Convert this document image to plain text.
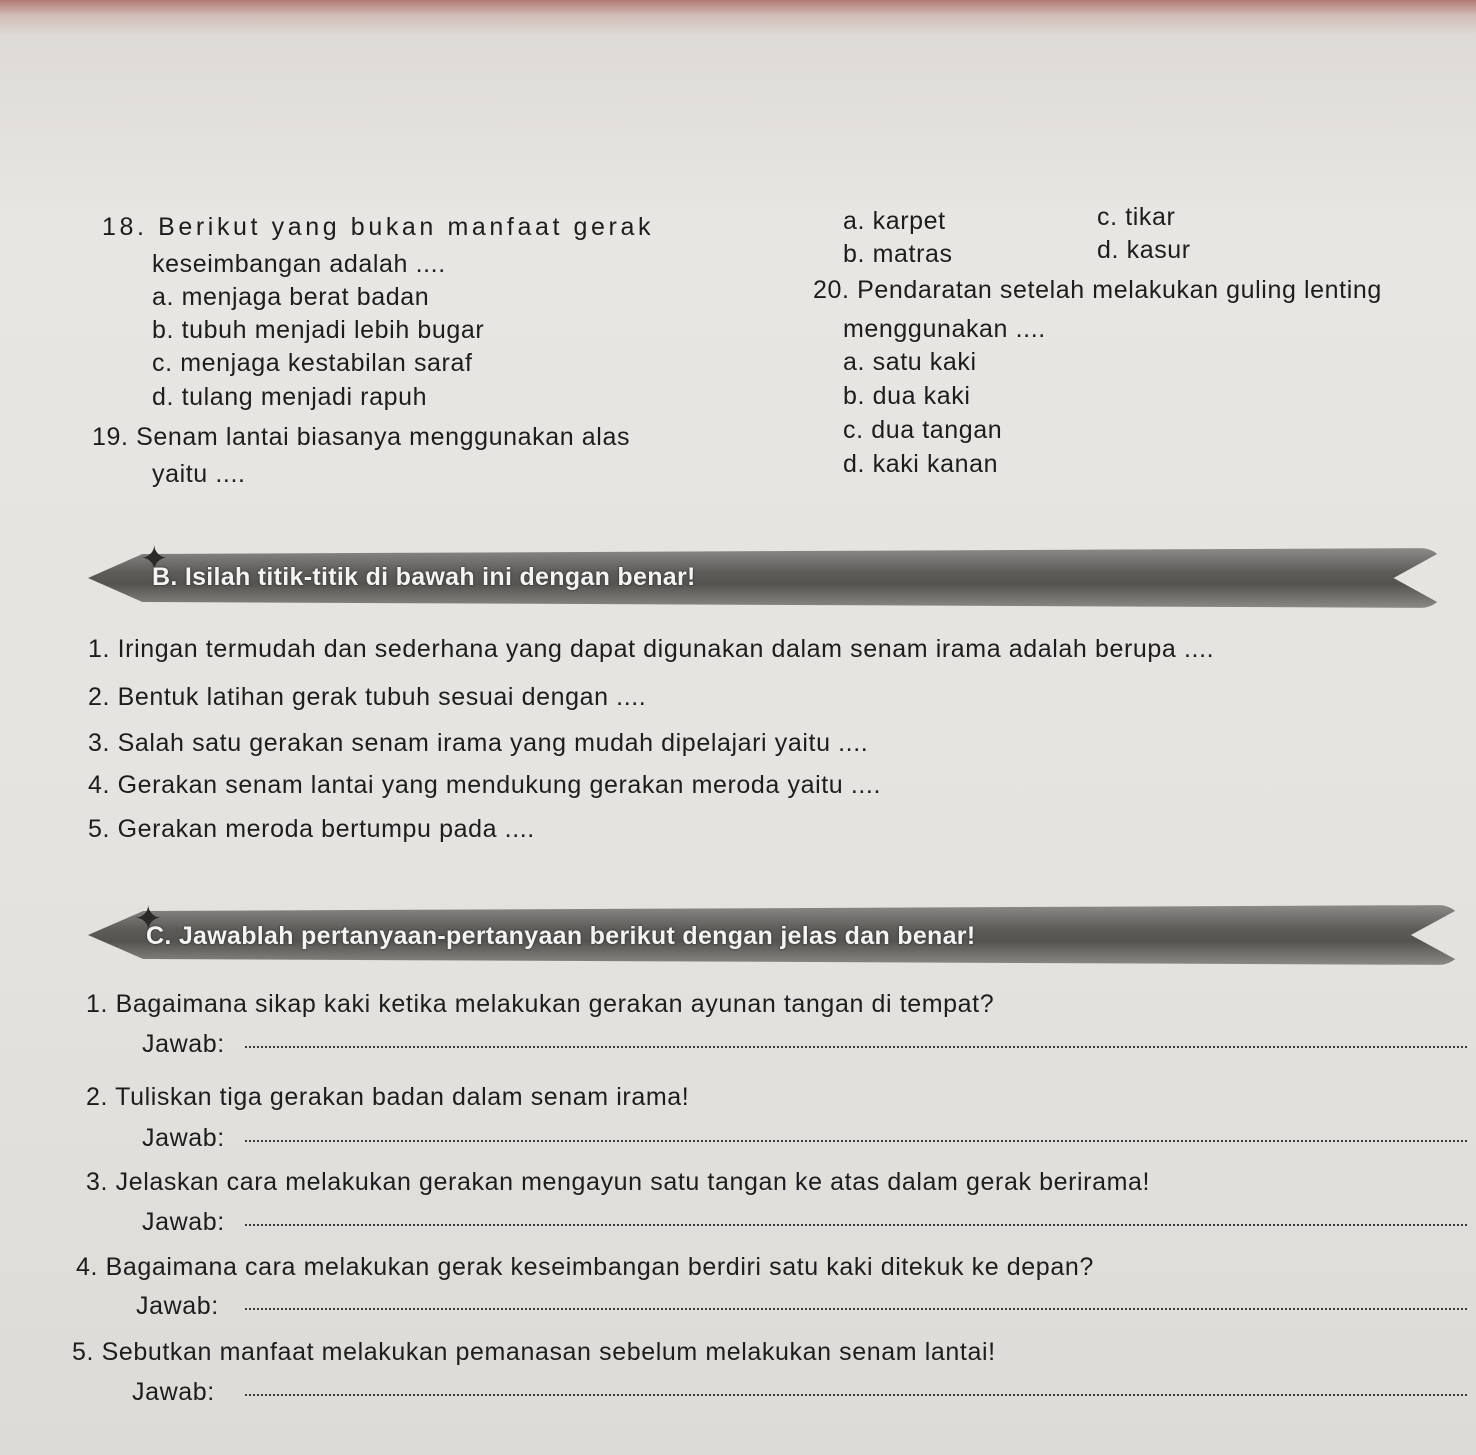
18. Berikut yang bukan manfaat gerak
keseimbangan adalah ....
a. menjaga berat badan
b. tubuh menjadi lebih bugar
c. menjaga kestabilan saraf
d. tulang menjadi rapuh
19. Senam lantai biasanya menggunakan alas
yaitu ....
a. karpet
b. matras
c. tikar
d. kasur
20. Pendaratan setelah melakukan guling lenting
menggunakan ....
a. satu kaki
b. dua kaki
c. dua tangan
d. kaki kanan
✦
B. Isilah titik-titik di bawah ini dengan benar!
1. Iringan termudah dan sederhana yang dapat digunakan dalam senam irama adalah berupa ....
2. Bentuk latihan gerak tubuh sesuai dengan ....
3. Salah satu gerakan senam irama yang mudah dipelajari yaitu ....
4. Gerakan senam lantai yang mendukung gerakan meroda yaitu ....
5. Gerakan meroda bertumpu pada ....
✦
C. Jawablah pertanyaan-pertanyaan berikut dengan jelas dan benar!
1. Bagaimana sikap kaki ketika melakukan gerakan ayunan tangan di tempat?
Jawab:
2. Tuliskan tiga gerakan badan dalam senam irama!
Jawab:
3. Jelaskan cara melakukan gerakan mengayun satu tangan ke atas dalam gerak berirama!
Jawab:
4. Bagaimana cara melakukan gerak keseimbangan berdiri satu kaki ditekuk ke depan?
Jawab:
5. Sebutkan manfaat melakukan pemanasan sebelum melakukan senam lantai!
Jawab:
